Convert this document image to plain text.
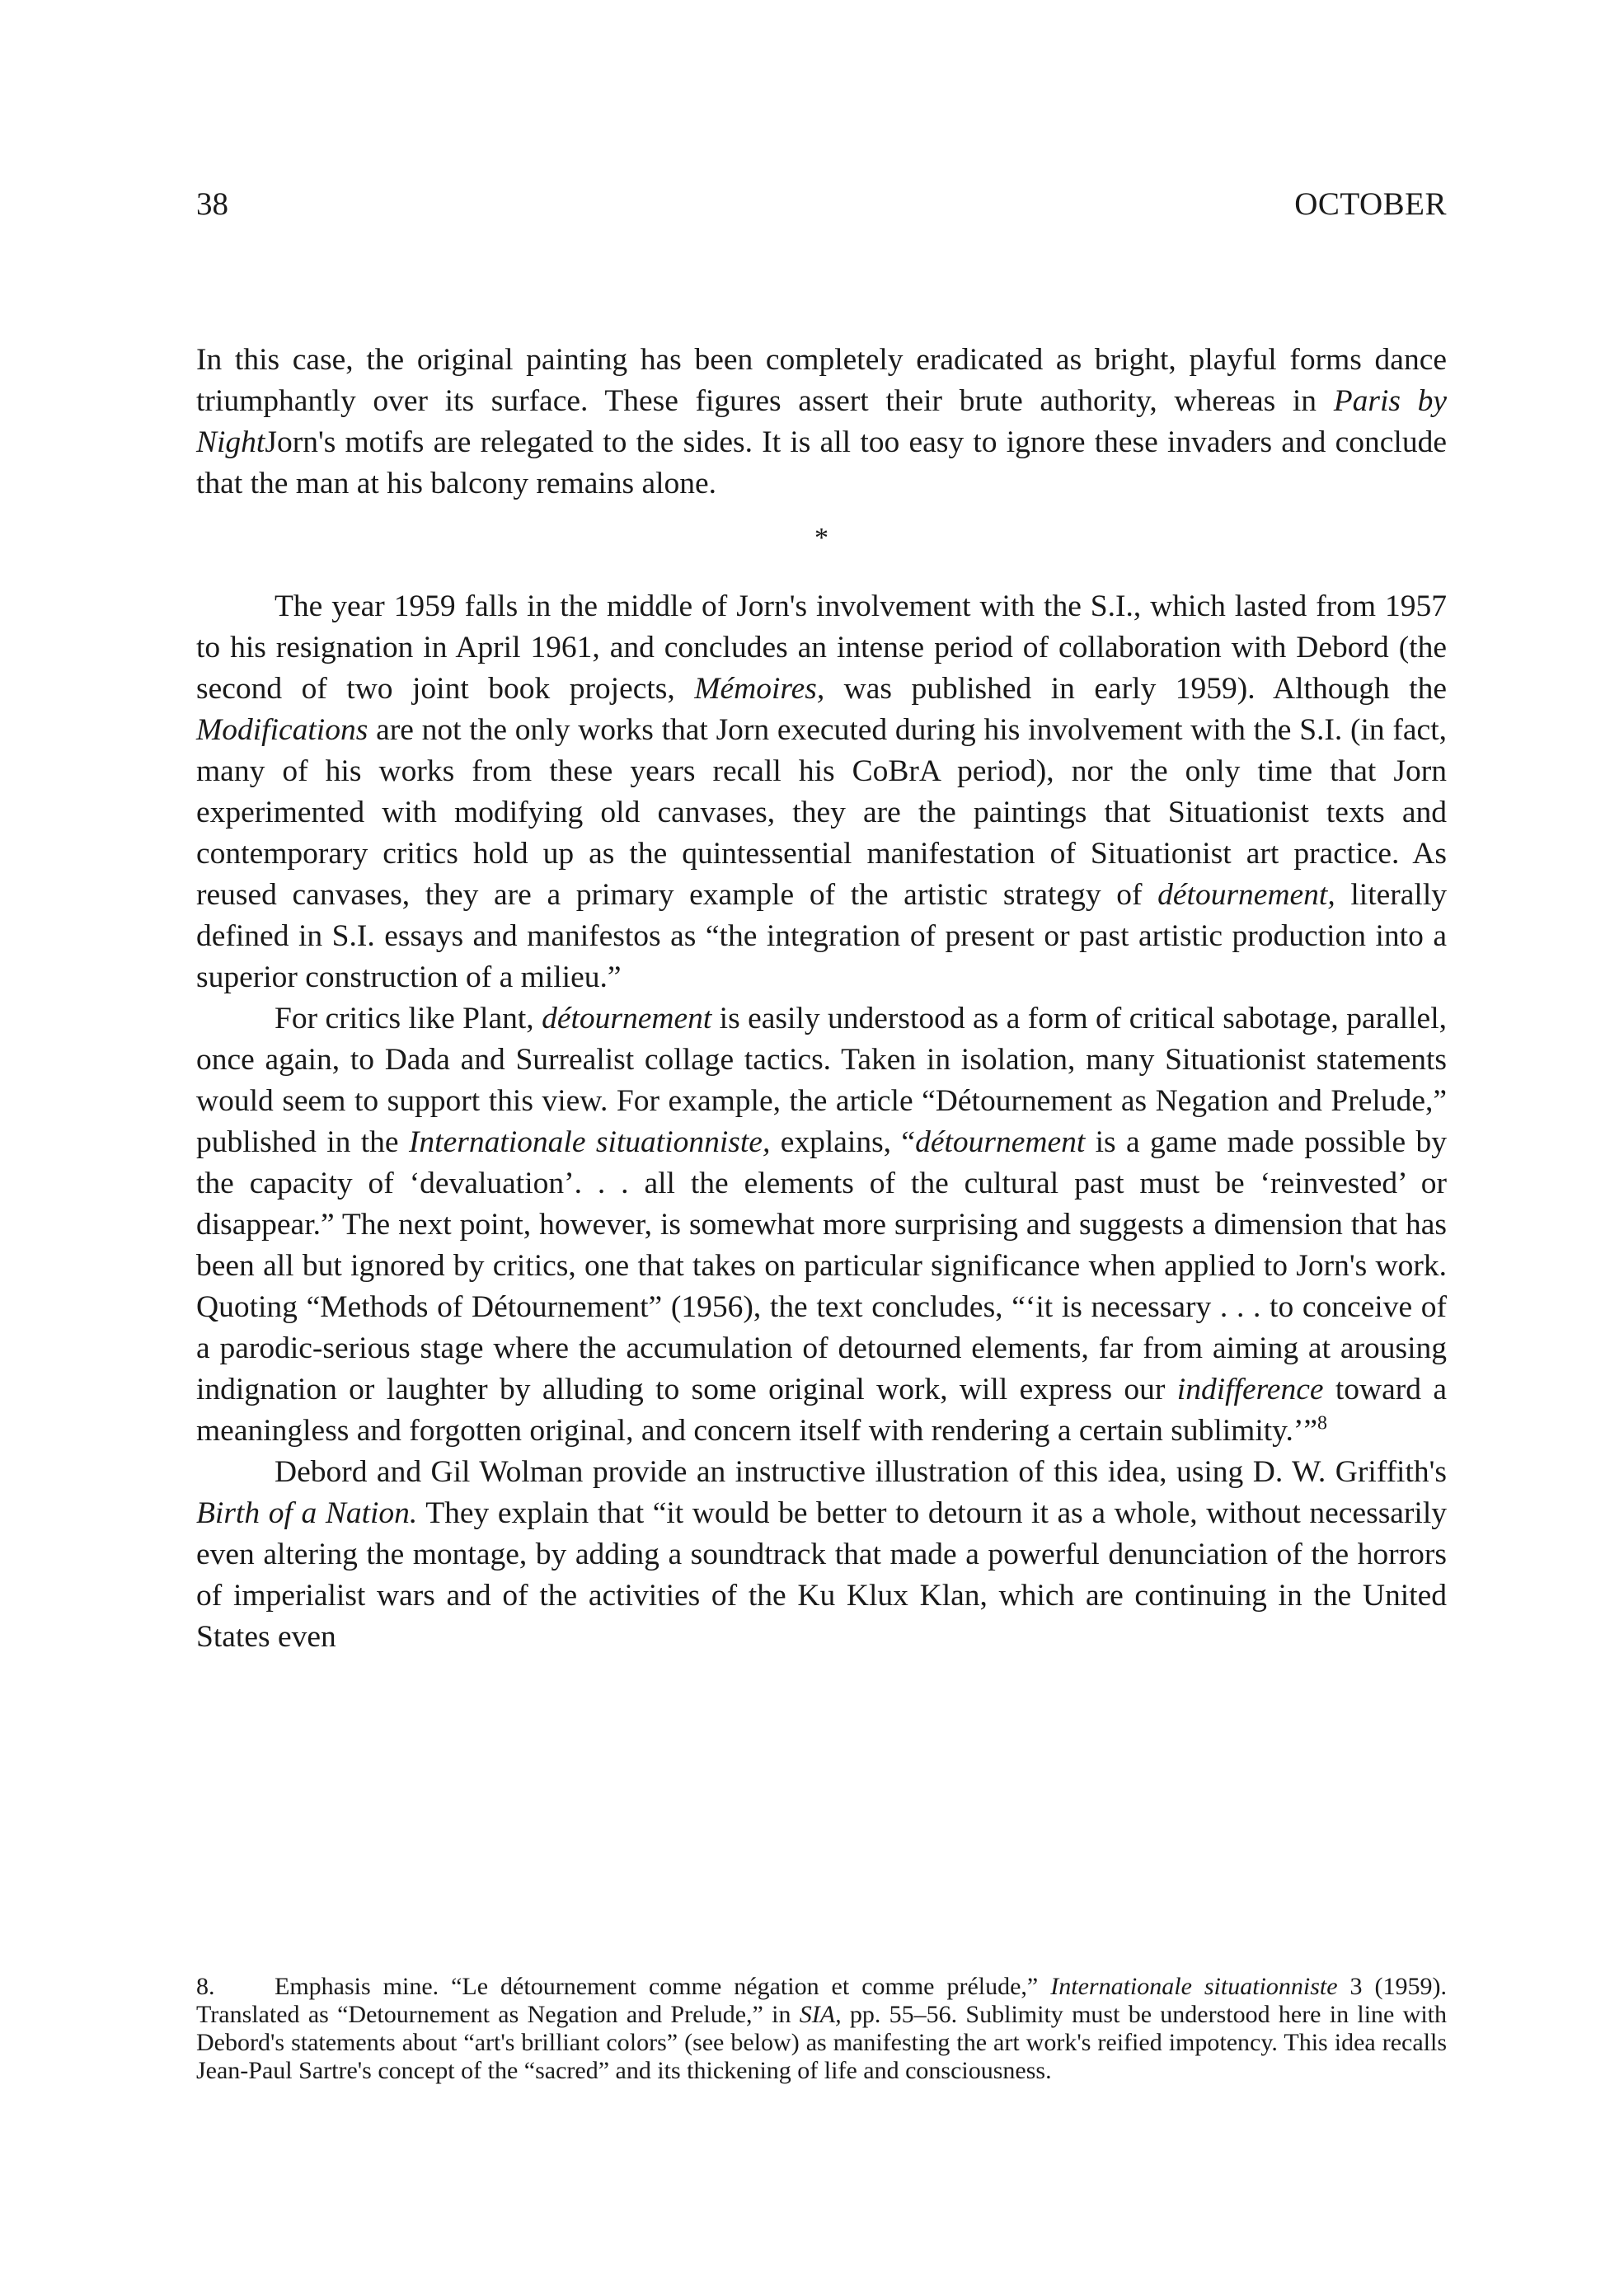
38	OCTOBER

In this case, the original painting has been completely eradicated as bright, playful forms dance triumphantly over its surface. These figures assert their brute authority, whereas in Paris by NightJorn's motifs are relegated to the sides. It is all too easy to ignore these invaders and conclude that the man at his balcony remains alone.

*

The year 1959 falls in the middle of Jorn's involvement with the S.I., which lasted from 1957 to his resignation in April 1961, and concludes an intense period of collaboration with Debord (the second of two joint book projects, Mémoires, was published in early 1959). Although the Modifications are not the only works that Jorn executed during his involvement with the S.I. (in fact, many of his works from these years recall his CoBrA period), nor the only time that Jorn experimented with modifying old canvases, they are the paintings that Situationist texts and contemporary critics hold up as the quintessential manifestation of Situationist art practice. As reused canvases, they are a primary example of the artistic strategy of détournement, literally defined in S.I. essays and manifestos as “the integration of present or past artistic production into a superior construction of a milieu.”

For critics like Plant, détournement is easily understood as a form of critical sabotage, parallel, once again, to Dada and Surrealist collage tactics. Taken in isolation, many Situationist statements would seem to support this view. For example, the article “Détournement as Negation and Prelude,” published in the Internationale situationniste, explains, “détournement is a game made possible by the capacity of ‘devaluation’. . . all the elements of the cultural past must be ‘reinvested’ or disappear.” The next point, however, is somewhat more surprising and suggests a dimension that has been all but ignored by critics, one that takes on particular significance when applied to Jorn's work. Quoting “Methods of Détournement” (1956), the text concludes, “‘it is necessary . . . to conceive of a parodic-serious stage where the accumulation of detourned elements, far from aiming at arousing indignation or laughter by alluding to some original work, will express our indifference toward a meaningless and forgotten original, and concern itself with rendering a certain sublimity.’”$^8$

Debord and Gil Wolman provide an instructive illustration of this idea, using D. W. Griffith's Birth of a Nation. They explain that “it would be better to detourn it as a whole, without necessarily even altering the montage, by adding a soundtrack that made a powerful denunciation of the horrors of imperialist wars and of the activities of the Ku Klux Klan, which are continuing in the United States even

8. Emphasis mine. “Le détournement comme négation et comme prélude,” Internationale situationniste 3 (1959). Translated as “Detournement as Negation and Prelude,” in SIA, pp. 55–56. Sublimity must be understood here in line with Debord's statements about “art's brilliant colors” (see below) as manifesting the art work's reified impotency. This idea recalls Jean-Paul Sartre's concept of the “sacred” and its thickening of life and consciousness.
